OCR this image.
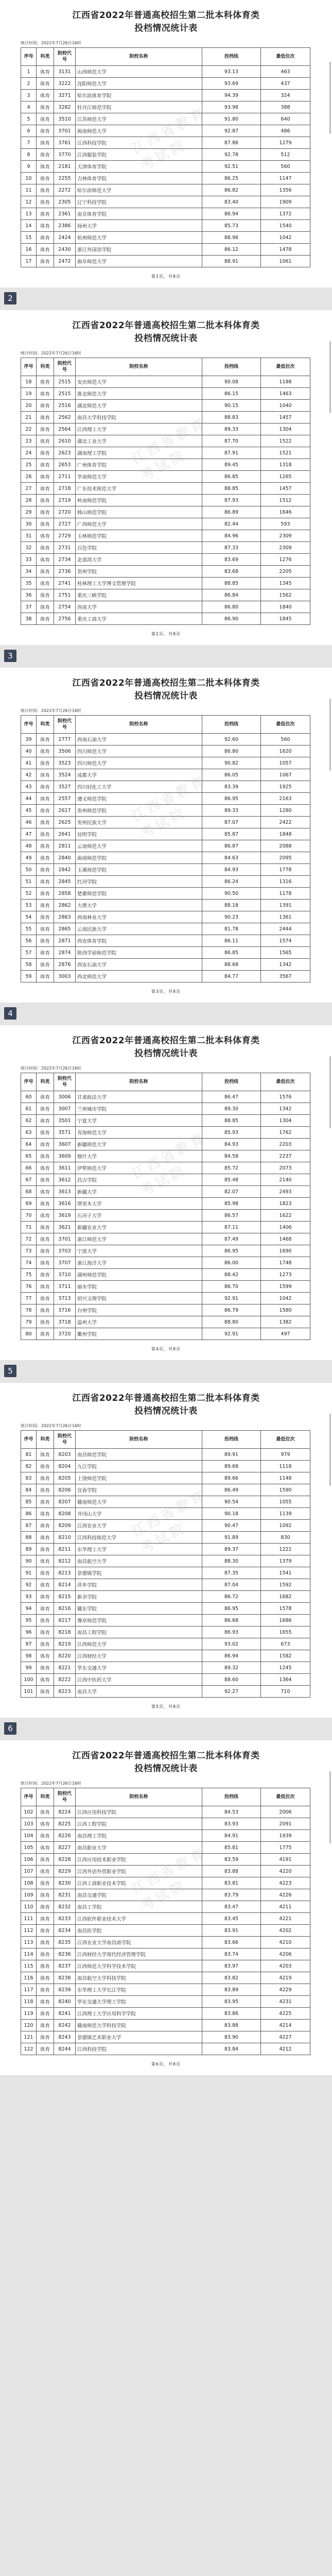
江西省教育考试院
江西省2022年普通高校招生第二批本科体育类
投档情况统计表
统计时间：2022年7月26日16时
序号	科类	院校代号	院校名称	投档线	最低位次
1	体育	3131	山西师范大学	93.13	463
2	体育	3222	沈阳师范大学	93.69	437
3	体育	3271	哈尔滨体育学院	94.39	324
4	体育	3282	牡丹江师范学院	93.98	388
5	体育	3510	江苏师范大学	91.80	640
6	体育	3701	闽南师范大学	92.87	486
7	体育	3761	江西科技学院	87.86	1279
8	体育	3770	江西服装学院	92.78	512
9	体育	2181	天津体育学院	92.51	560
10	体育	2255	吉林体育学院	86.25	1147
11	体育	2272	哈尔滨师范大学	86.82	1356
12	体育	2305	辽宁科技学院	83.40	1909
13	体育	2361	南京体育学院	86.94	1372
14	体育	2386	扬州大学	85.73	1540
15	体育	2424	杭州师范大学	88.96	1042
16	体育	2430	浙江外国语学院	86.12	1478
17	体育	2472	曲阜师范大学	88.91	1061
第1页，共8页
2
江西省教育考试院
江西省2022年普通高校招生第二批本科体育类
投档情况统计表
统计时间：2022年7月26日16时
序号	科类	院校代号	院校名称	投档线	最低位次
18	体育	2515	安庆师范大学	90.08	1188
19	体育	2515	淮北师范大学	86.15	1463
20	体育	2516	湖北师范大学	90.15	1040
21	体育	2562	南昌大学科技学院	88.83	1457
22	体育	2564	江西理工大学	89.33	1304
23	体育	2610	湖北工业大学	87.70	1522
24	体育	2623	湖南理工学院	87.91	1521
25	体育	2653	广州体育学院	89.45	1318
26	体育	2711	华南师范大学	86.85	1265
27	体育	2718	广东技术师范大学	88.85	1457
28	体育	2719	岭南师范学院	87.93	1512
29	体育	2720	韩山师范学院	86.89	1646
30	体育	2727	广西师范大学	82.44	593
31	体育	2729	玉林师范学院	84.96	2309
32	体育	2731	百色学院	87.33	2309
33	体育	2734	北部湾大学	83.69	1276
34	体育	2736	贺州学院	83.68	2205
35	体育	2741	桂林理工大学博文管理学院	88.85	1345
36	体育	2751	重庆三峡学院	86.84	1562
37	体育	2754	西南大学	86.80	1840
38	体育	2756	重庆工商大学	86.90	1845
第2页，共8页
3
江西省教育考试院
江西省2022年普通高校招生第二批本科体育类
投档情况统计表
统计时间：2022年7月26日16时
序号	科类	院校代号	院校名称	投档线	最低位次
39	体育	2777	西南石油大学	92.60	560
40	体育	3506	四川师范大学	86.80	1620
41	体育	3523	四川师范大学	90.82	1057
42	体育	3524	成都大学	86.05	1067
43	体育	3527	四川轻化工大学	83.39	1925
44	体育	2557	遵义师范学院	86.95	2163
45	体育	2617	贵州师范学院	89.33	1280
46	体育	2625	贵州民族大学	87.07	2422
47	体育	2641	昆明学院	85.87	1848
48	体育	2811	云南师范大学	86.87	2088
49	体育	2840	曲靖师范学院	84.63	2095
50	体育	2842	玉溪师范学院	84.93	1778
51	体育	2845	红河学院	86.24	1316
52	体育	2858	楚雄师范学院	90.50	1178
53	体育	2862	大理大学	88.18	1391
54	体育	2863	西南林业大学	90.23	1361
55	体育	2865	云南民族大学	81.78	2444
56	体育	2871	西安体育学院	86.11	1574
57	体育	2874	陕西学前师范学院	86.85	1565
58	体育	2876	西安石油大学	88.68	1342
59	体育	3003	西北师范大学	84.77	3567
第3页，共8页
4
江西省教育考试院
江西省2022年普通高校招生第二批本科体育类
投档情况统计表
统计时间：2022年7月26日16时
序号	科类	院校代号	院校名称	投档线	最低位次
60	体育	3006	甘肃政法大学	86.47	1576
61	体育	3007	兰州城市学院	89.30	1342
62	体育	3501	宁夏大学	88.85	1304
63	体育	3571	青海师范大学	85.93	1762
64	体育	3607	新疆师范大学	84.93	2203
65	体育	3609	喀什大学	84.58	2237
66	体育	3611	伊犁师范大学	85.72	2073
67	体育	3612	昌吉学院	85.48	2140
68	体育	3613	新疆大学	82.07	2493
69	体育	3616	塔里木大学	85.98	1823
70	体育	3619	石河子大学	86.57	1622
71	体育	3621	新疆农业大学	87.11	1406
72	体育	3701	浙江师范大学	87.49	1468
73	体育	3703	宁波大学	86.95	1690
74	体育	3707	浙江海洋大学	86.00	1748
75	体育	3710	湖州师范学院	88.42	1273
76	体育	3711	丽水学院	86.70	1599
77	体育	3713	绍兴文理学院	92.91	1042
78	体育	3716	台州学院	86.79	1580
79	体育	3718	温州大学	88.80	1382
80	体育	3720	衢州学院	92.91	497
第4页，共8页
5
江西省教育考试院
江西省2022年普通高校招生第二批本科体育类
投档情况统计表
统计时间：2022年7月26日16时
序号	科类	院校代号	院校名称	投档线	最低位次
81	体育	8203	南昌师范学院	89.91	979
82	体育	8204	九江学院	89.68	1118
83	体育	8205	上饶师范学院	89.66	1148
84	体育	8206	宜春学院	86.49	1590
85	体育	8207	赣南师范大学	90.54	1055
86	体育	8208	井冈山大学	90.18	1139
87	体育	8209	江西农业大学	90.47	1092
88	体育	8210	江西科技师范大学	91.89	830
89	体育	8211	东华理工大学	89.37	1221
90	体育	8212	南昌航空大学	88.30	1379
91	体育	8213	景德镇学院	87.35	1541
92	体育	8214	萍乡学院	87.04	1592
93	体育	8215	新余学院	86.72	1682
94	体育	8216	赣东学院	86.95	1578
95	体育	8217	豫章师范学院	86.68	1686
96	体育	8218	南昌工程学院	86.93	1655
97	体育	8219	江西师范大学	93.02	673
98	体育	8220	江西财经大学	86.94	1582
99	体育	8221	华东交通大学	89.32	1245
100	体育	8222	江西中医药大学	88.60	1364
101	体育	8223	南昌大学	92.27	710
第5页，共8页
6
江西省教育考试院
江西省2022年普通高校招生第二批本科体育类
投档情况统计表
统计时间：2022年7月26日16时
序号	科类	院校代号	院校名称	投档线	最低位次
102	体育	8224	江西应用科技学院	84.53	2006
103	体育	8225	江西工程学院	83.93	2091
104	体育	8226	南昌理工学院	84.91	1939
105	体育	8227	南昌职业大学	85.81	1775
106	体育	8228	江西应用技术职业学院	83.59	4191
107	体育	8229	江西外语外贸职业学院	83.88	4220
108	体育	8230	江西工商职业技术学院	83.81	4223
109	体育	8231	南昌交通学院	83.79	4226
110	体育	8232	南昌工学院	83.47	4211
111	体育	8233	江西软件职业技术大学	83.45	4221
112	体育	8234	南昌医学院	83.91	4202
113	体育	8235	江西农业大学南昌商学院	83.66	4210
114	体育	8236	江西财经大学现代经济管理学院	83.74	4206
115	体育	8237	江西师范大学科学技术学院	83.97	4203
116	体育	8238	南昌航空大学科技学院	83.82	4219
117	体育	8239	东华理工大学长江学院	83.89	4229
118	体育	8240	华东交通大学理工学院	83.95	4231
119	体育	8241	江西理工大学应用科学学院	83.86	4225
120	体育	8242	赣南师范大学科技学院	83.88	4214
121	体育	8243	景德镇艺术职业大学	83.90	4227
122	体育	8244	江西科技学院	83.84	4212
第6页，共8页
